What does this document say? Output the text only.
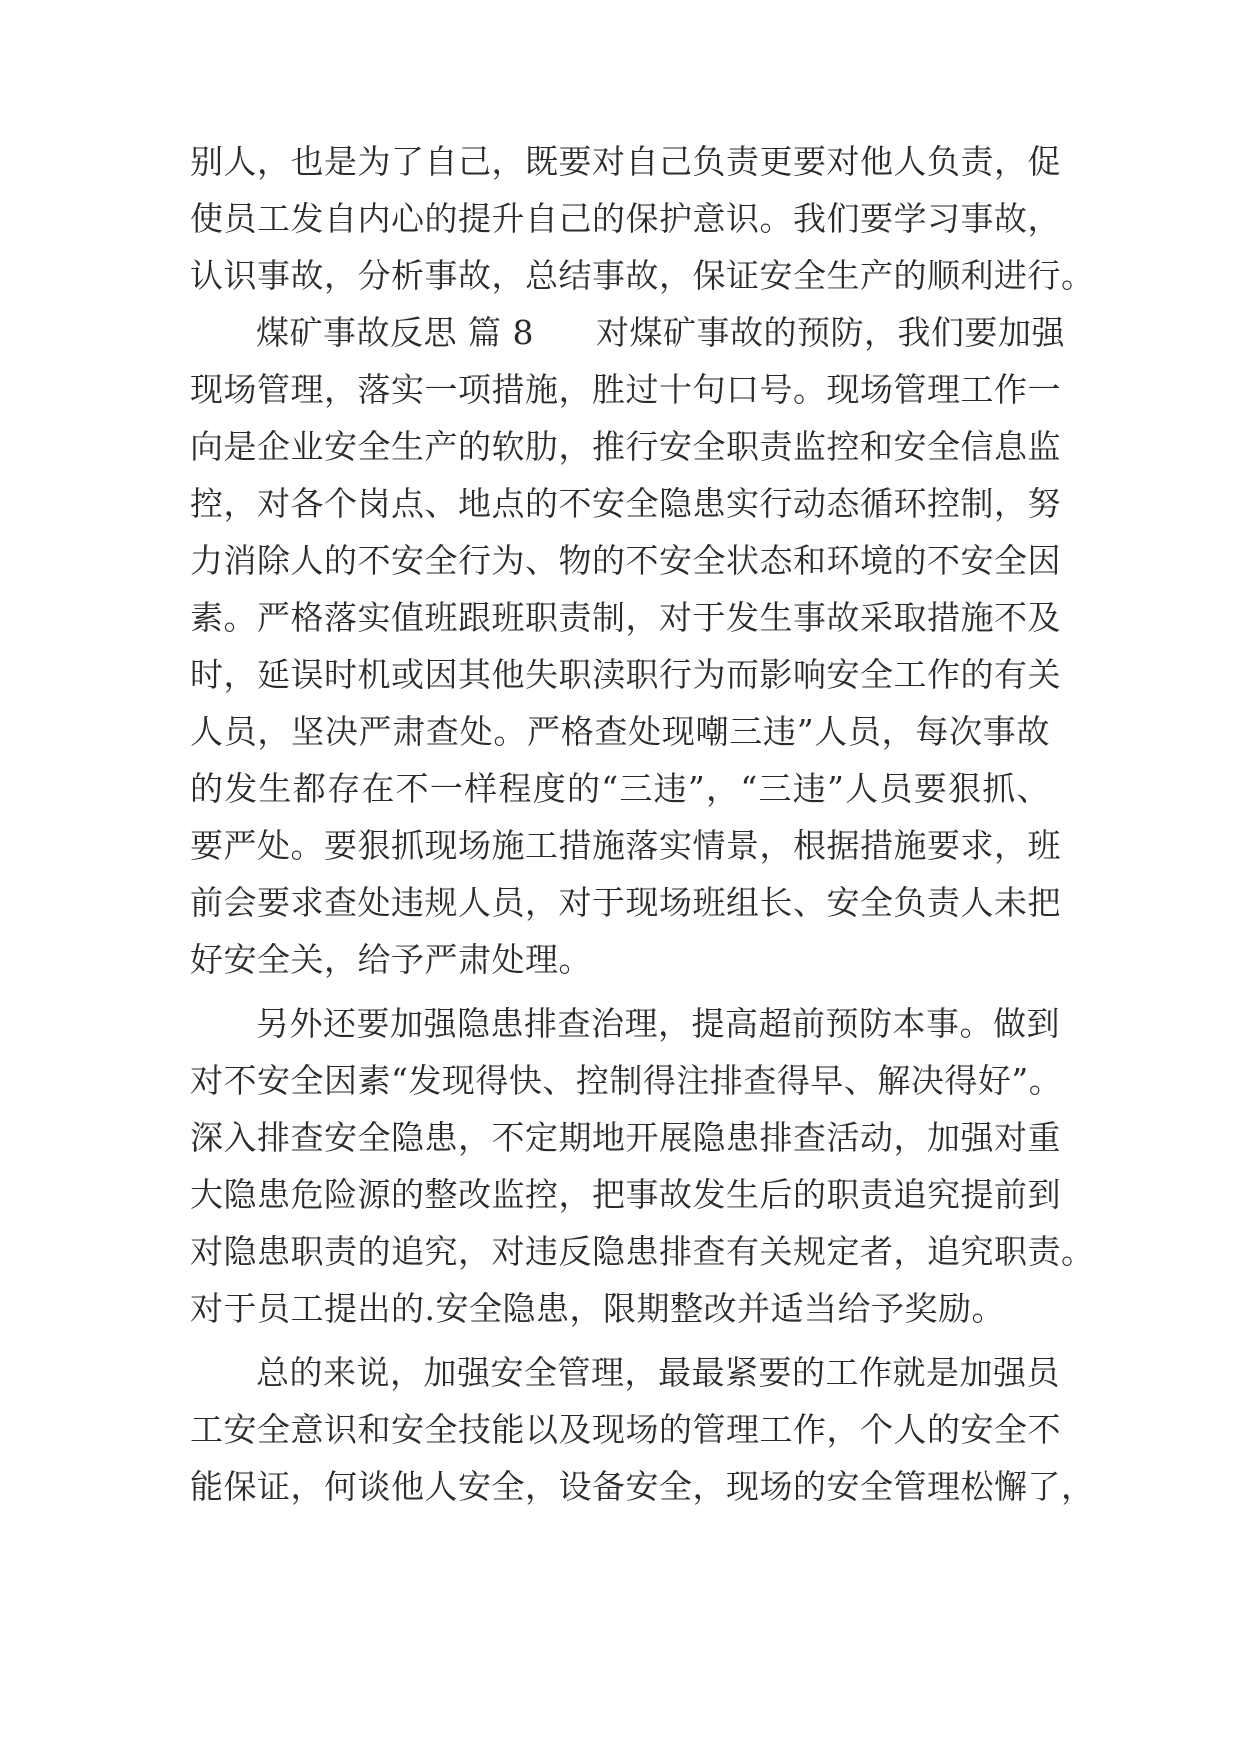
别人，也是为了自己，既要对自己负责更要对他人负责，促
使员工发自内心的提升自己的保护意识。我们要学习事故，
认识事故，分析事故，总结事故，保证安全生产的顺利进行。
煤矿事故反思 篇 8 对煤矿事故的预防，我们要加强
现场管理，落实一项措施，胜过十句口号。现场管理工作一
向是企业安全生产的软肋，推行安全职责监控和安全信息监
控，对各个岗点、地点的不安全隐患实行动态循环控制，努
力消除人的不安全行为、物的不安全状态和环境的不安全因
素。严格落实值班跟班职责制，对于发生事故采取措施不及
时，延误时机或因其他失职渎职行为而影响安全工作的有关
人员，坚决严肃查处。严格查处现嘲三违”人员，每次事故
的发生都存在不一样程度的“三违”，“三违”人员要狠抓、
要严处。要狠抓现场施工措施落实情景，根据措施要求，班
前会要求查处违规人员，对于现场班组长、安全负责人未把
好安全关，给予严肃处理。
另外还要加强隐患排查治理，提高超前预防本事。做到
对不安全因素“发现得快、控制得注排查得早、解决得好”。
深入排查安全隐患，不定期地开展隐患排查活动，加强对重
大隐患危险源的整改监控，把事故发生后的职责追究提前到
对隐患职责的追究，对违反隐患排查有关规定者，追究职责。
对于员工提出的.安全隐患，限期整改并适当给予奖励。
总的来说，加强安全管理，最最紧要的工作就是加强员
工安全意识和安全技能以及现场的管理工作，个人的安全不
能保证，何谈他人安全，设备安全，现场的安全管理松懈了，
